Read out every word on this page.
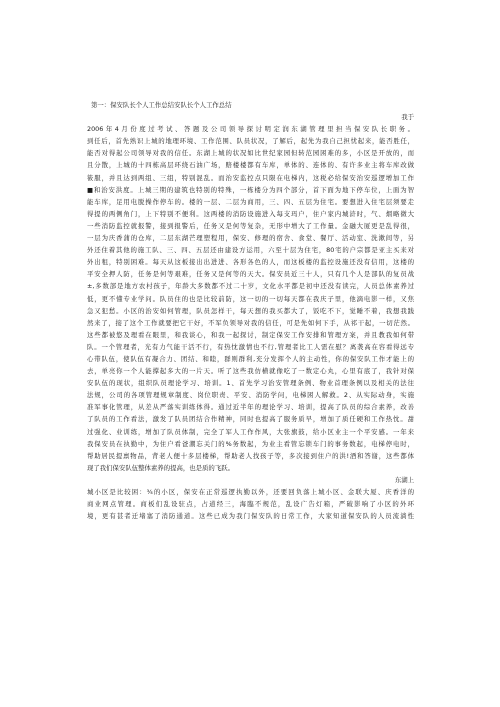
第一：保安队长个人工作总结安队长个人工作总结
我于
2006年4月份度过考试、答题及公司领导探讨明定润东湖管理里担当保安队长职务。
到任后，首先熟识上城的地理环境、工作范围、队员状况，了解后，起先为我自己担忧起来，能否胜任，
能否对得起公司领导对我的信任。东湖上城的状况如比世纪家园但转范园困难的多，小区是开放的，而
且分散，上城的十四栋高层环绕石油广场，赔楼楼都有车库，单体的、连体的、有许多业主将车库改做
筱服，并且达到两组、三组，特别混乱。而治安监控点只限在电梯内，这税必给保安治安巡逻增加工作
■和治安洪度。上城三期的建筑也特别的特殊，一栋楼分为四个部分，首下面为地下停车位，上面为智
能车库，足用电脱操作停车的。楼的一层、二层为商用，三、四、五层为住宅。要想进入住宅层须要走
得提的两侧角门，上下特别不便利。这两楼的消防设施进入每支玛户，住户家内城浒时，气、烟略微大
一些消防监控就报警，接到报警后，任务又是何等复杂，无形中增大了工作量。金融大厦更是乱得很，
一层为庆香蒲的仓库，二层东湖芒理塑程用，保安、修理的宿舍、食堂、餐厅、活动室、洗漱间等，另
外还住着其他的施工队、三、四、五层还由建设方运用，六至十层为住宅，80宅的户宗都是亚主买来对
外出租，特别困难。每天从这板接出出进进、各形各色的人，而这板楼的监控设施还没有信用，这楼的
平安全押人防，任务是何等艰难，任务又是何等的天大。保安员近三十人，只有几个人是部队的复员战
±,多数部是地方农村孩子，年龄大多数都不过二十岁，文化水平都是初中还没有读完，人员总体素养过
低，更不懂专业学问。队员住的也是比较前防，这一切的一切每天都在我庆子里，他滴电影一样，又焦
急又犯愁。小区的治安如何管理，队员怎样干，每天想的我买都大了，饭吃不下，觉睡不着，我想我践
然来了，接了这个工作就要把它干好，不军负领导对我的信任，可是先如何下手，从祁干起，一切茫然。
这些都被悠及理看在眼里，和我谈心，和我一起探讨，制定保安工作安排和管理方案，并且教我如何带
队。一个管理者，光有力气能干活不行，有热忱激情也不行,管理者比工人需在慰？离袭高在容看得远专
心带队伍，使队伍有凝合力、团结、和睦，群则群利,充分发挥个人的主动性，你的保安队工作才能上的
去，单亮你一个人能撑起多大的一片天。听了这些我仿横就像吃了一数定心丸，心里有底了，我针对保
安队伍的现状，组织队员理论学习、培训。1、首先学习治安管理条例、物业首理条例以及相关的法往
法规，公司的各项管理规章制度、岗位职责、平安、消防学问，电梯困人解救。2、从实际动身，实施
准军事化管理，从差从严落实训练体得。通过近半年的理论学习、培训，提高了队员的综合素养，改善
了队员的工作看法，激发了队员团结合作精神，同时也提高了服务质早，增加了质任硬和工作热忱。甜
过强化、业训练，增加了队员体制，完全了军人工作作风，大张旗鼓，给小区业主一个平安感。一年来
我保安员在执勤中，为住户看爸潮忘关门的%务数起，为业主看管忘锁车门的事务数起，电梯停电时，
帮助居民提禀物品，背老人便十多层楼梯，帮助老人找孩子等，多次接到住户的洪!酒和答谢，这些都体
现了我们保安队伍整体素养的提高，也是质的飞跃。
东湖上
城小区是比较困：¾的小区，保安在正常巡逻执勤以外，还要回负落上城小区、金联大厦、庆香洋的
商业网点管理。商板们乱设驻点，占道经三，海臨不规范，乱设广告灯箱，严破影响了小区的外环
境，更有甚者迁堵塞了消防通道。这些已成为我门保安队的日常工作，大家知道保安队的人员流淌性
